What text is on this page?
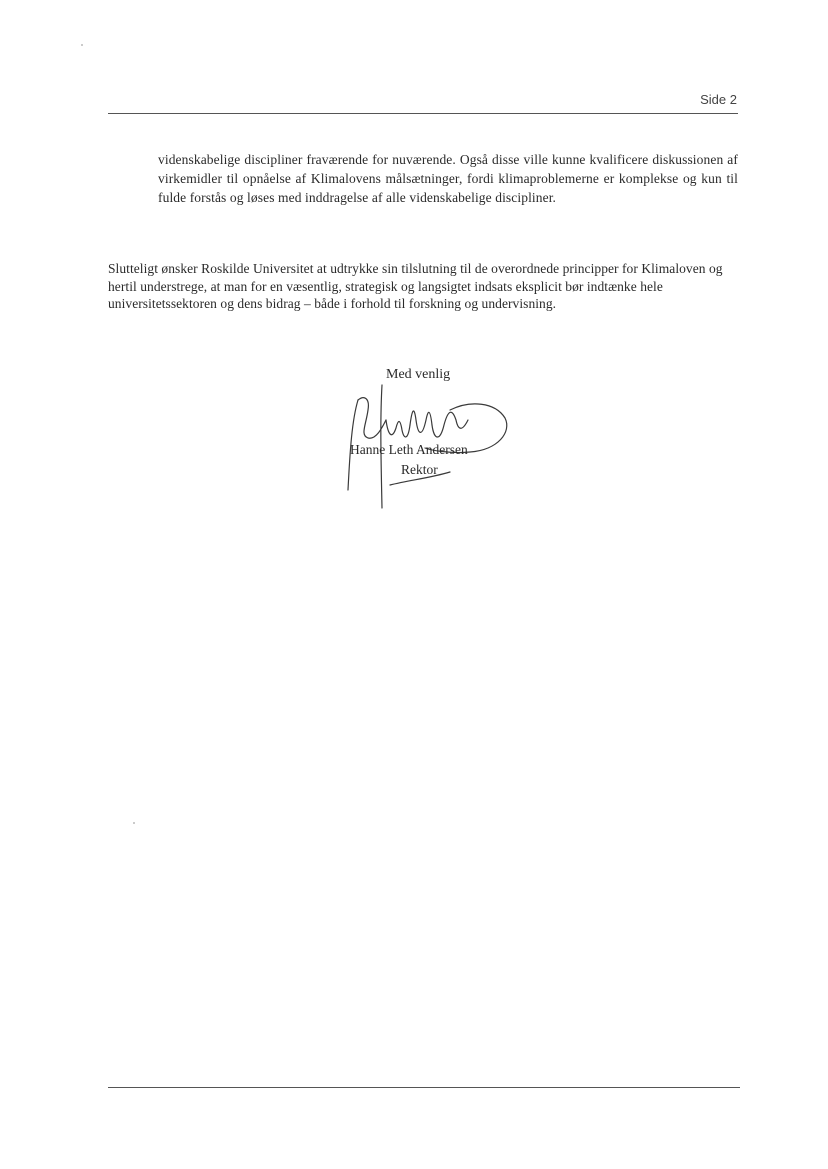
Side 2

videnskabelige discipliner fraværende for nuværende. Også disse ville kunne kvalificere diskussionen af virkemidler til opnåelse af Klimalovens målsætninger, fordi klimaproblemerne er komplekse og kun til fulde forstås og løses med inddragelse af alle videnskabelige discipliner.

Slutteligt ønsker Roskilde Universitet at udtrykke sin tilslutning til de overordnede principper for Klimaloven og hertil understrege, at man for en væsentlig, strategisk og langsigtet indsats eksplicit bør indtænke hele universitetssektoren og dens bidrag – både i forhold til forskning og undervisning.

Med venlig

Hanne Leth Andersen

Rektor
